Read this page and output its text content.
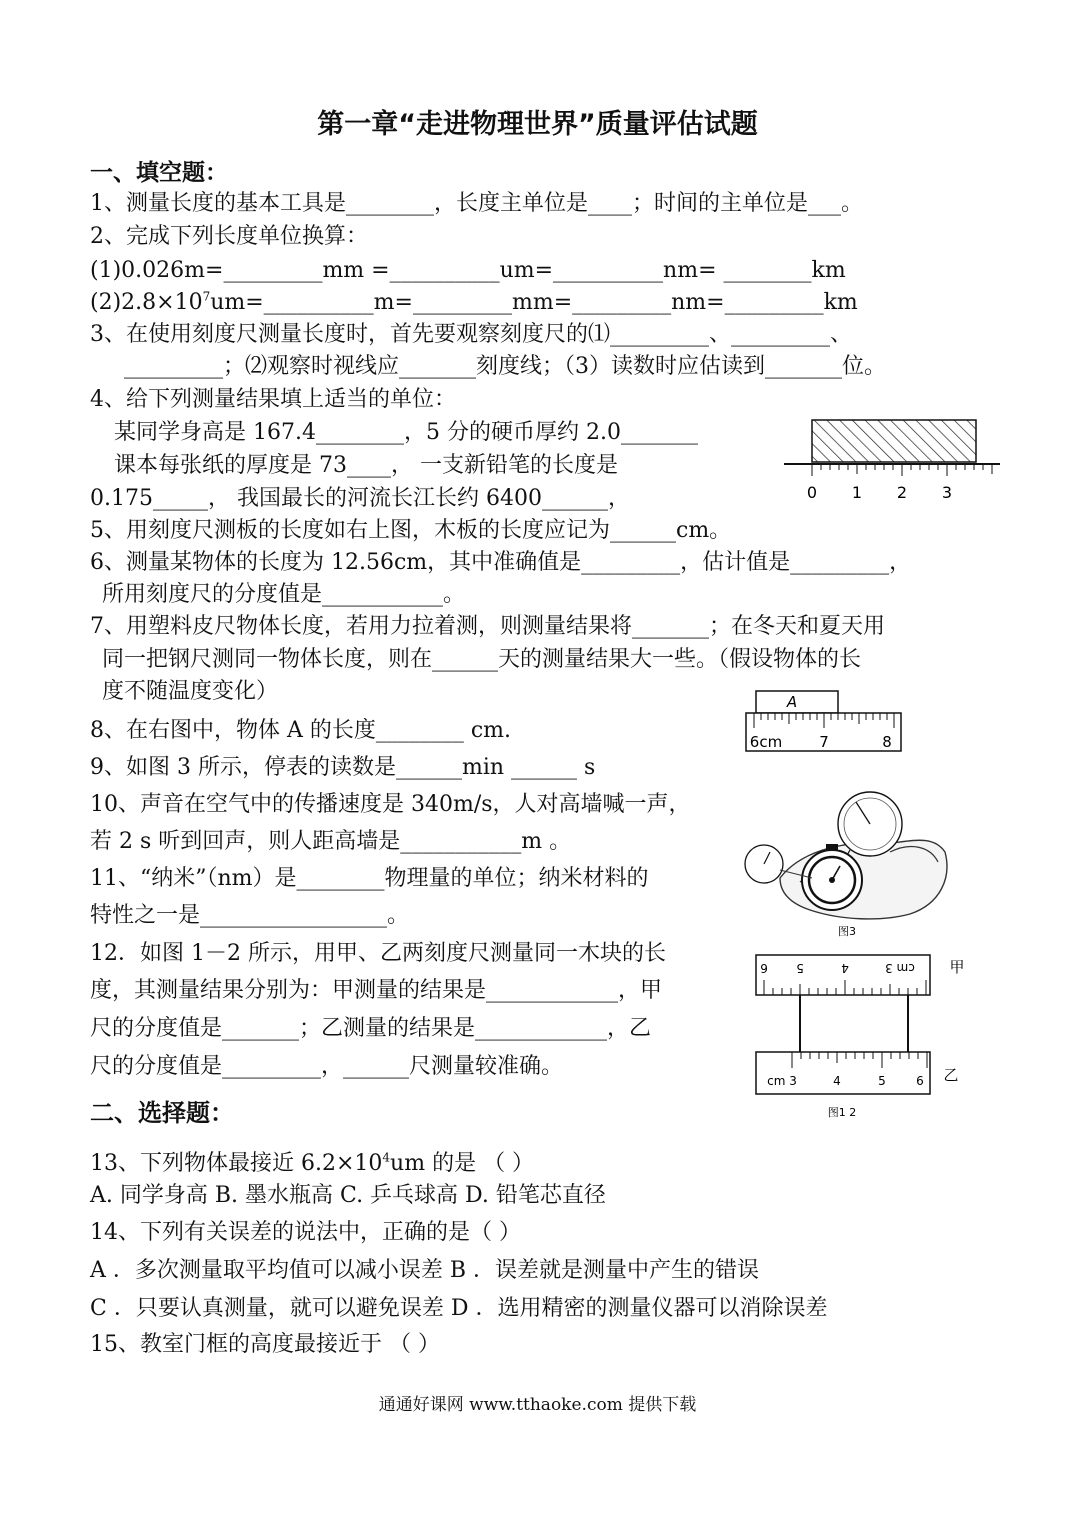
第一章“走进物理世界”质量评估试题
一、填空题：
1、测量长度的基本工具是________，长度主单位是____；时间的主单位是___。
2、完成下列长度单位换算：
(1)0.026m=_________mm =__________um=__________nm= ________km
$(2)2.8\times 10^7um=\_\_\_\_\_\_\_\_\_\_m=\_\_\_\_\_\_\_\_\_mm=\_\_\_\_\_\_\_\_\_nm=\_\_\_\_\_\_\_\_\_km$
3、在使用刻度尺测量长度时，首先要观察刻度尺的⑴_________、_________、
_________；⑵观察时视线应_______刻度线；（3）读数时应估读到_______位。
4、给下列测量结果填上适当的单位：
某同学身高是 167.4________，5 分的硬币厚约 2.0_______
课本每张纸的厚度是 73____， 一支新铅笔的长度是
0.175_____， 我国最长的河流长江长约 6400______，
5、用刻度尺测板的长度如右上图，木板的长度应记为______cm。
6、测量某物体的长度为 12.56cm，其中准确值是_________，估计值是_________，
所用刻度尺的分度值是___________。
7、用塑料皮尺物体长度，若用力拉着测，则测量结果将_______；在冬天和夏天用
同一把钢尺测同一物体长度，则在______天的测量结果大一些。（假设物体的长
度不随温度变化）
8、在右图中，物体 A 的长度________ cm.
9、如图 3 所示，停表的读数是______min ______ s
10、声音在空气中的传播速度是 340m/s，人对高墙喊一声，
若 2 s 听到回声，则人距高墙是___________m 。
11、“纳米”（nm）是________物理量的单位；纳米材料的
特性之一是_________________。
12．如图 1－2 所示，用甲、乙两刻度尺测量同一木块的长
度，其测量结果分别为：甲测量的结果是____________，甲
尺的分度值是_______；乙测量的结果是____________，乙
尺的分度值是_________，______尺测量较准确。
二、选择题：
13、下列物体最接近 $6.2\times 10^4um$ 的是 （ ）
A. 同学身高 B. 墨水瓶高 C. 乒乓球高 D. 铅笔芯直径
14、下列有关误差的说法中，正确的是（ ）
A ．多次测量取平均值可以减小误差 B ．误差就是测量中产生的错误
C ．只要认真测量，就可以避免误差 D ．选用精密的测量仪器可以消除误差
15、教室门框的高度最接近于 （ ）
通通好课网 www.tthaoke.com 提供下载
0 1 2 3
A
6cm 7	8
图3
6 5	4	cm 3 甲
cm 3	4	5	6 乙
图1 2
